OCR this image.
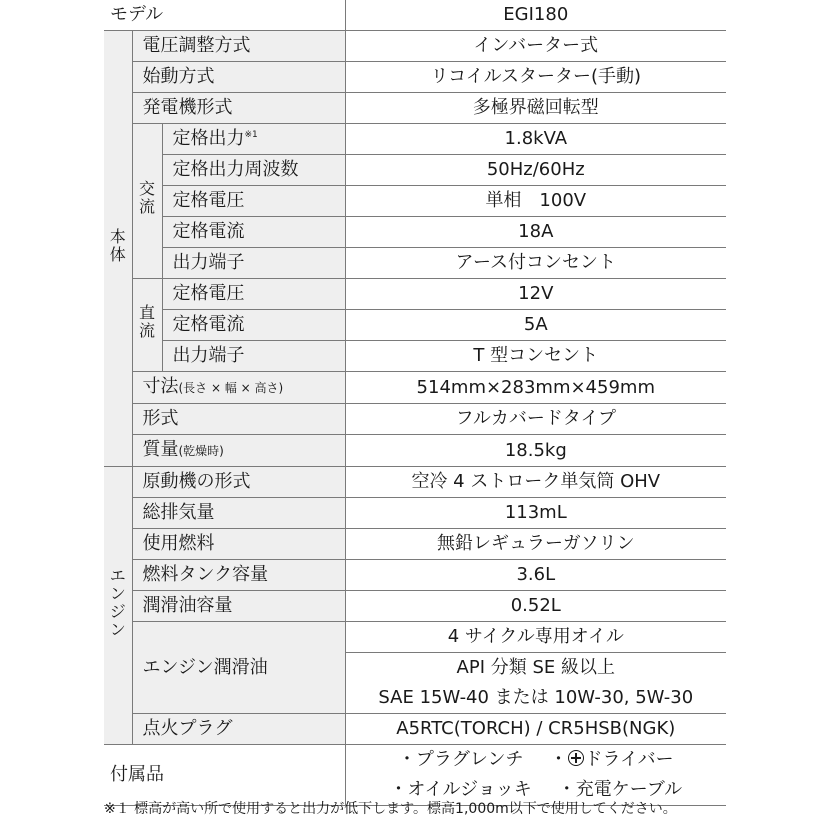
モデル			EGI180
本体	電圧調整方式		インバーター式
	始動方式		リコイルスターター(手動)
	発電機形式		多極界磁回転型
	交流	定格出力$^{※1}$	1.8kVA
		定格出力周波数	50Hz/60Hz
		定格電圧	単相　100V
		定格電流	18A
		出力端子	アース付コンセント
	直流	定格電圧	12V
		定格電流	5A
		出力端子	T 型コンセント
	寸法(長さ × 幅 × 高さ)		514mm×283mm×459mm
	形式		フルカバードタイプ
	質量(乾燥時)		18.5kg
エンジン	原動機の形式		空冷 4 ストローク単気筒 OHV
	総排気量		113mL
	使用燃料		無鉛レギュラーガソリン
	燃料タンク容量		3.6L
	潤滑油容量		0.52L
	エンジン潤滑油		4 サイクル専用オイル
			API 分類 SE 級以上
			SAE 15W-40 または 10W-30, 5W-30
	点火プラグ		A5RTC(TORCH) / CR5HSB(NGK)
付属品			・プラグレンチ ・ ドライバー
・オイルジョッキ ・充電ケーブル
※１ 標高が高い所で使用すると出力が低下します。標高1,000m以下で使用してください。
